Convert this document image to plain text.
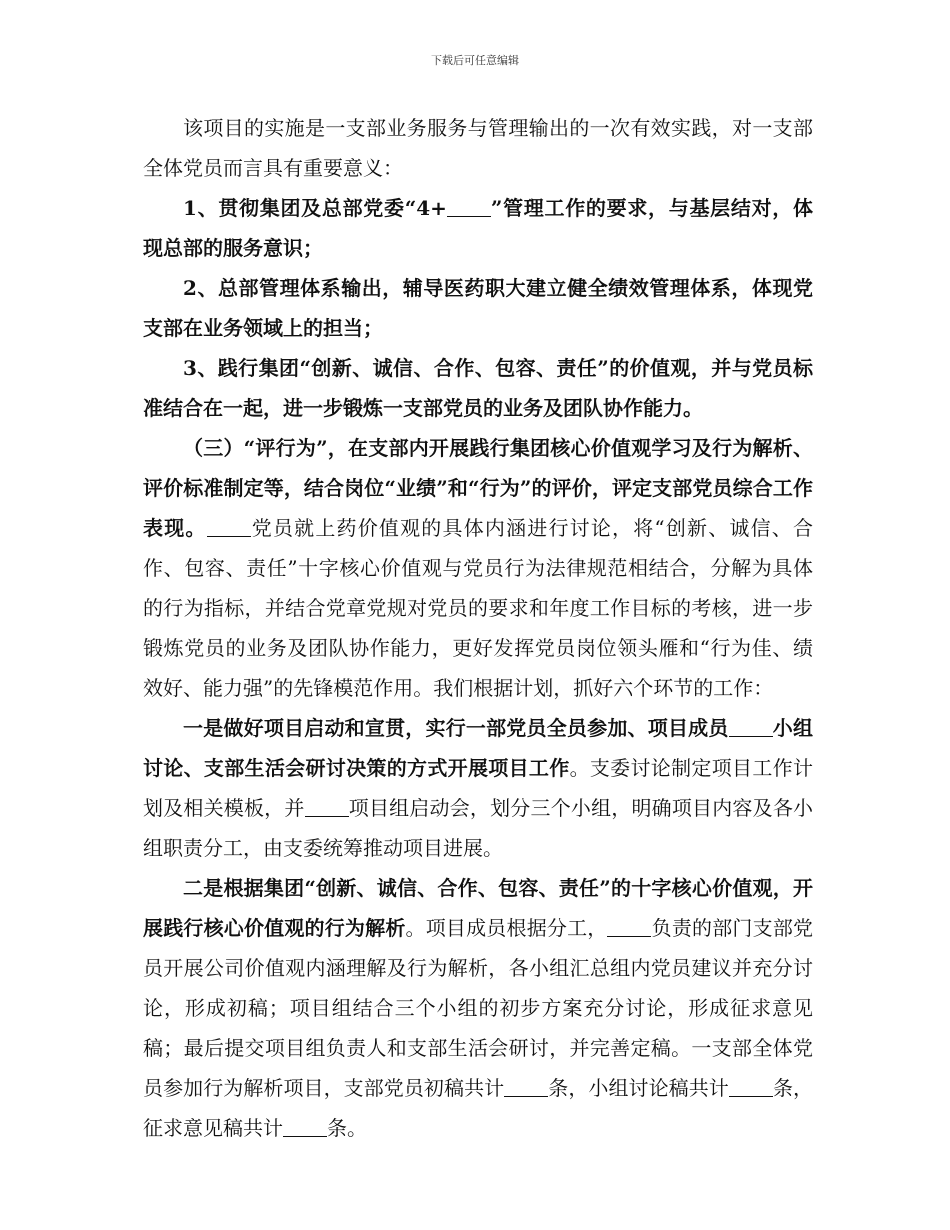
下载后可任意编辑

该项目的实施是一支部业务服务与管理输出的一次有效实践，对一支部全体党员而言具有重要意义：

1、贯彻集团及总部党委“4+ ”管理工作的要求，与基层结对，体现总部的服务意识；

2、总部管理体系输出，辅导医药职大建立健全绩效管理体系，体现党支部在业务领域上的担当；

3、践行集团“创新、诚信、合作、包容、责任”的价值观，并与党员标准结合在一起，进一步锻炼一支部党员的业务及团队协作能力。

（三）“评行为”，在支部内开展践行集团核心价值观学习及行为解析、评价标准制定等，结合岗位“业绩”和“行为”的评价，评定支部党员综合工作表现。 党员就上药价值观的具体内涵进行讨论，将“创新、诚信、合作、包容、责任”十字核心价值观与党员行为法律规范相结合，分解为具体的行为指标，并结合党章党规对党员的要求和年度工作目标的考核，进一步锻炼党员的业务及团队协作能力，更好发挥党员岗位领头雁和“行为佳、绩效好、能力强”的先锋模范作用。我们根据计划，抓好六个环节的工作：

一是做好项目启动和宣贯，实行一部党员全员参加、项目成员 小组讨论、支部生活会研讨决策的方式开展项目工作。支委讨论制定项目工作计划及相关模板，并 项目组启动会，划分三个小组，明确项目内容及各小组职责分工，由支委统筹推动项目进展。

二是根据集团“创新、诚信、合作、包容、责任”的十字核心价值观，开展践行核心价值观的行为解析。项目成员根据分工， 负责的部门支部党员开展公司价值观内涵理解及行为解析，各小组汇总组内党员建议并充分讨论，形成初稿；项目组结合三个小组的初步方案充分讨论，形成征求意见稿；最后提交项目组负责人和支部生活会研讨，并完善定稿。一支部全体党员参加行为解析项目，支部党员初稿共计 条，小组讨论稿共计 条，征求意见稿共计 条。
